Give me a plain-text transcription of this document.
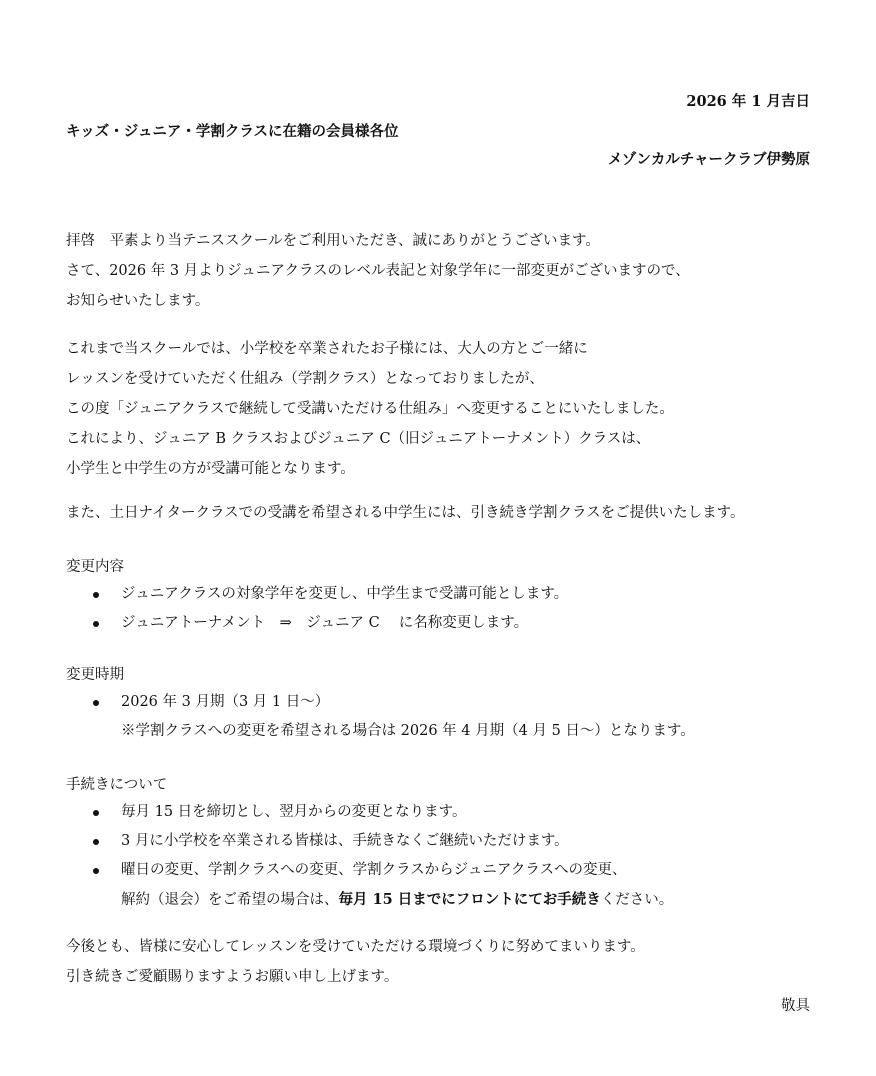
2026 年 1 月吉日
キッズ・ジュニア・学割クラスに在籍の会員様各位
メゾンカルチャークラブ伊勢原
拝啓　平素より当テニススクールをご利用いただき、誠にありがとうございます。
さて、2026 年 3 月よりジュニアクラスのレベル表記と対象学年に一部変更がございますので、
お知らせいたします。
これまで当スクールでは、小学校を卒業されたお子様には、大人の方とご一緒に
レッスンを受けていただく仕組み（学割クラス）となっておりましたが、
この度「ジュニアクラスで継続して受講いただける仕組み」へ変更することにいたしました。
これにより、ジュニア B クラスおよびジュニア C（旧ジュニアトーナメント）クラスは、
小学生と中学生の方が受講可能となります。
また、土日ナイタークラスでの受講を希望される中学生には、引き続き学割クラスをご提供いたします。
変更内容
ジュニアクラスの対象学年を変更し、中学生まで受講可能とします。
ジュニアトーナメント　⇒　ジュニア C　 に名称変更します。
変更時期
2026 年 3 月期（3 月 1 日～）
※学割クラスへの変更を希望される場合は 2026 年 4 月期（4 月 5 日～）となります。
手続きについて
毎月 15 日を締切とし、翌月からの変更となります。
3 月に小学校を卒業される皆様は、手続きなくご継続いただけます。
曜日の変更、学割クラスへの変更、学割クラスからジュニアクラスへの変更、
解約（退会）をご希望の場合は、毎月 15 日までにフロントにてお手続きください。
今後とも、皆様に安心してレッスンを受けていただける環境づくりに努めてまいります。
引き続きご愛顧賜りますようお願い申し上げます。
敬具
